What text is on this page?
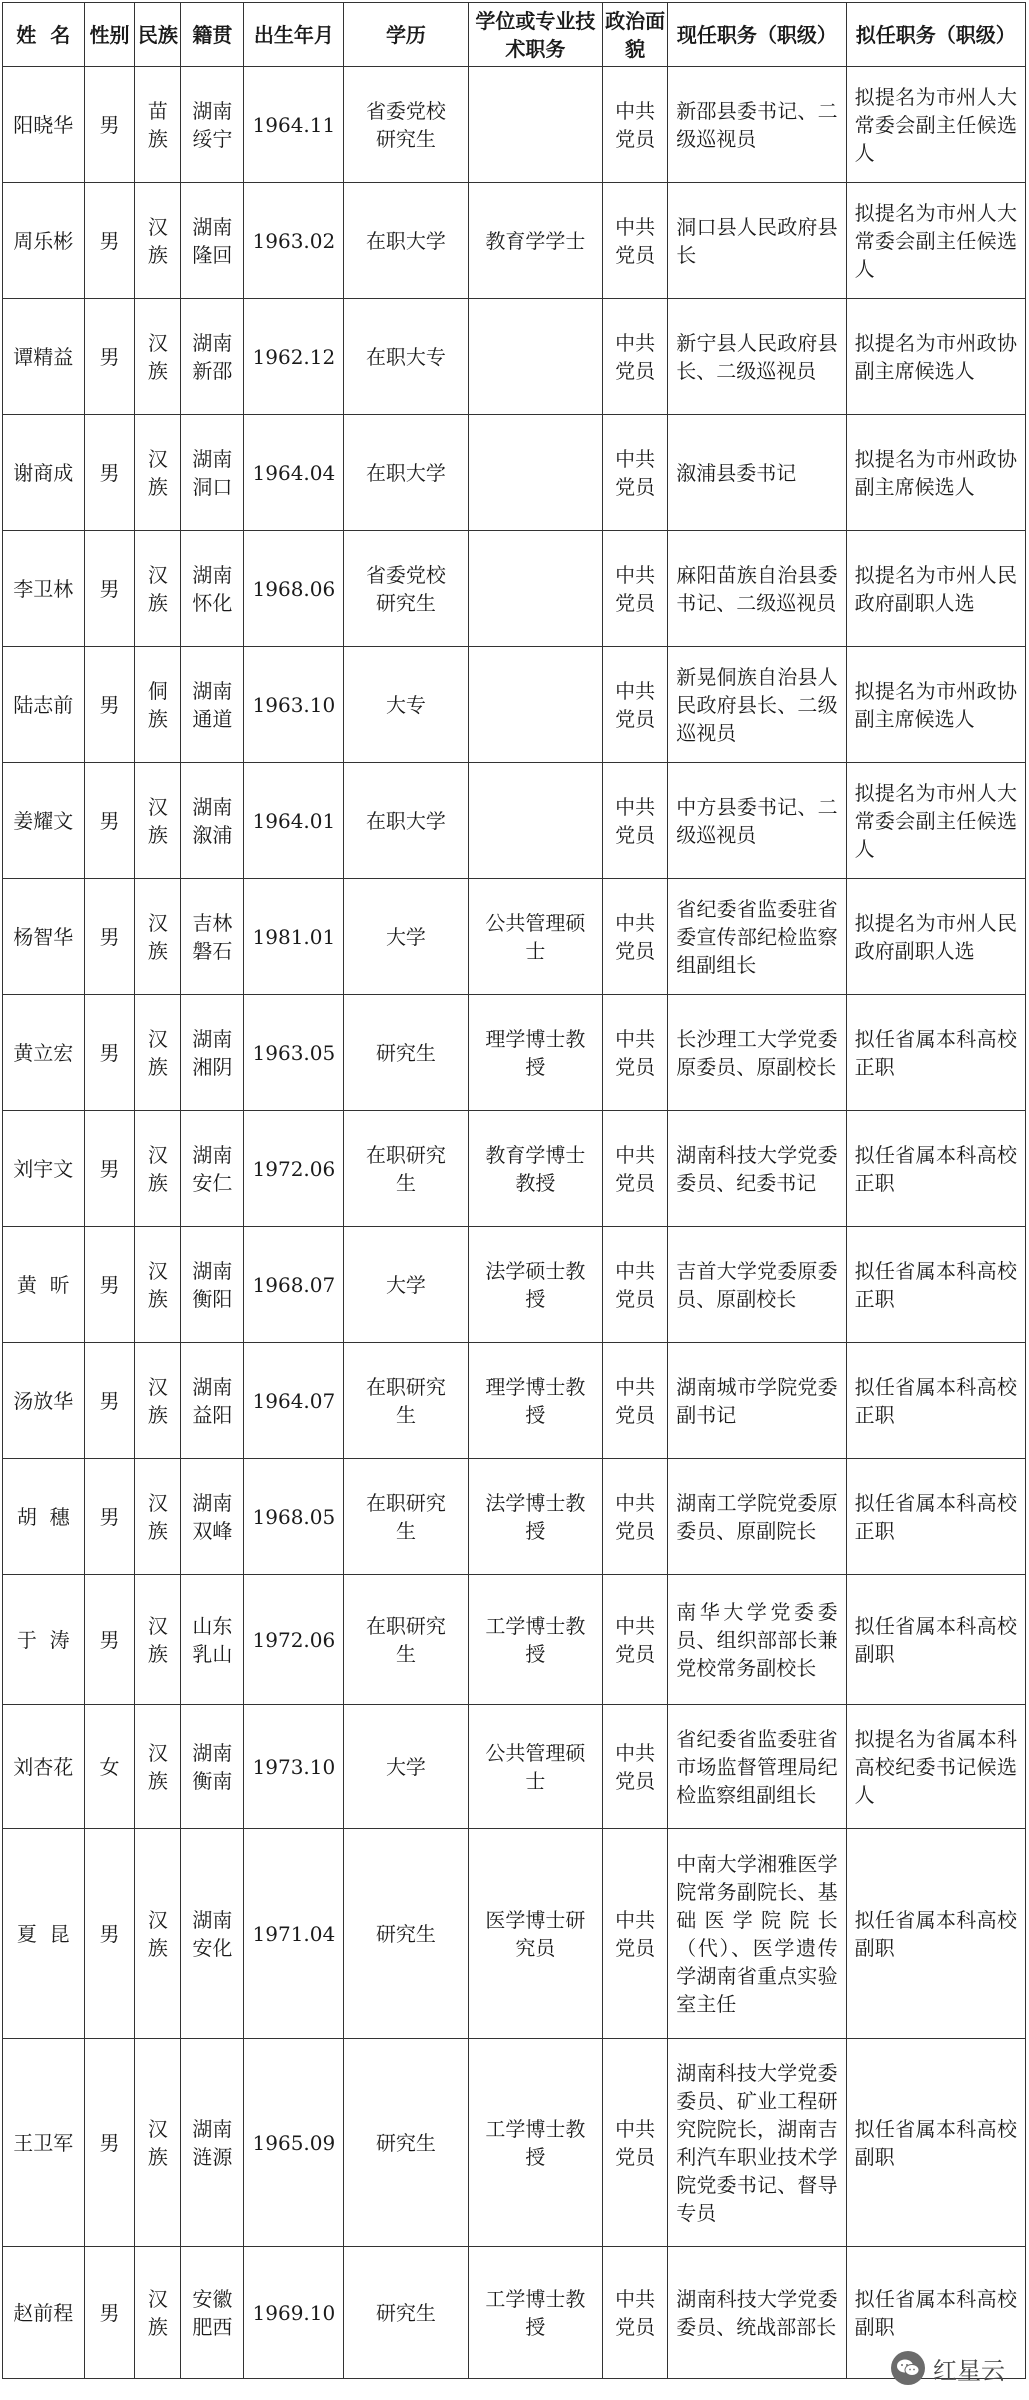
姓  名	性别	民族	籍贯	出生年月	学历	学位或专业技术职务	政治面貌	现任职务（职级）	拟任职务（职级）
阳晓华	男	苗族	湖南绥宁	1964.11	省委党校研究生		中共党员	新邵县委书记、二级巡视员	拟提名为市州人大常委会副主任候选人
周乐彬	男	汉族	湖南隆回	1963.02	在职大学	教育学学士	中共党员	洞口县人民政府县长	拟提名为市州人大常委会副主任候选人
谭精益	男	汉族	湖南新邵	1962.12	在职大专		中共党员	新宁县人民政府县长、二级巡视员	拟提名为市州政协副主席候选人
谢商成	男	汉族	湖南洞口	1964.04	在职大学		中共党员	溆浦县委书记	拟提名为市州政协副主席候选人
李卫林	男	汉族	湖南怀化	1968.06	省委党校研究生		中共党员	麻阳苗族自治县委书记、二级巡视员	拟提名为市州人民政府副职人选
陆志前	男	侗族	湖南通道	1963.10	大专		中共党员	新晃侗族自治县人民政府县长、二级巡视员	拟提名为市州政协副主席候选人
姜耀文	男	汉族	湖南溆浦	1964.01	在职大学		中共党员	中方县委书记、二级巡视员	拟提名为市州人大常委会副主任候选人
杨智华	男	汉族	吉林磐石	1981.01	大学	公共管理硕士	中共党员	省纪委省监委驻省委宣传部纪检监察组副组长	拟提名为市州人民政府副职人选
黄立宏	男	汉族	湖南湘阴	1963.05	研究生	理学博士教授	中共党员	长沙理工大学党委原委员、原副校长	拟任省属本科高校正职
刘宇文	男	汉族	湖南安仁	1972.06	在职研究生	教育学博士教授	中共党员	湖南科技大学党委委员、纪委书记	拟任省属本科高校正职
黄  昕	男	汉族	湖南衡阳	1968.07	大学	法学硕士教授	中共党员	吉首大学党委原委员、原副校长	拟任省属本科高校正职
汤放华	男	汉族	湖南益阳	1964.07	在职研究生	理学博士教授	中共党员	湖南城市学院党委副书记	拟任省属本科高校正职
胡  穗	男	汉族	湖南双峰	1968.05	在职研究生	法学博士教授	中共党员	湖南工学院党委原委员、原副院长	拟任省属本科高校正职
于  涛	男	汉族	山东乳山	1972.06	在职研究生	工学博士教授	中共党员	南华大学党委委员、组织部部长兼党校常务副校长	拟任省属本科高校副职
刘杏花	女	汉族	湖南衡南	1973.10	大学	公共管理硕士	中共党员	省纪委省监委驻省市场监督管理局纪检监察组副组长	拟提名为省属本科高校纪委书记候选人
夏  昆	男	汉族	湖南安化	1971.04	研究生	医学博士研究员	中共党员	中南大学湘雅医学院常务副院长、基础医学院院长（代）、医学遗传学湖南省重点实验室主任	拟任省属本科高校副职
王卫军	男	汉族	湖南涟源	1965.09	研究生	工学博士教授	中共党员	湖南科技大学党委委员、矿业工程研究院院长，湖南吉利汽车职业技术学院党委书记、督导专员	拟任省属本科高校副职
赵前程	男	汉族	安徽肥西	1969.10	研究生	工学博士教授	中共党员	湖南科技大学党委委员、统战部部长	拟任省属本科高校副职
红星云
